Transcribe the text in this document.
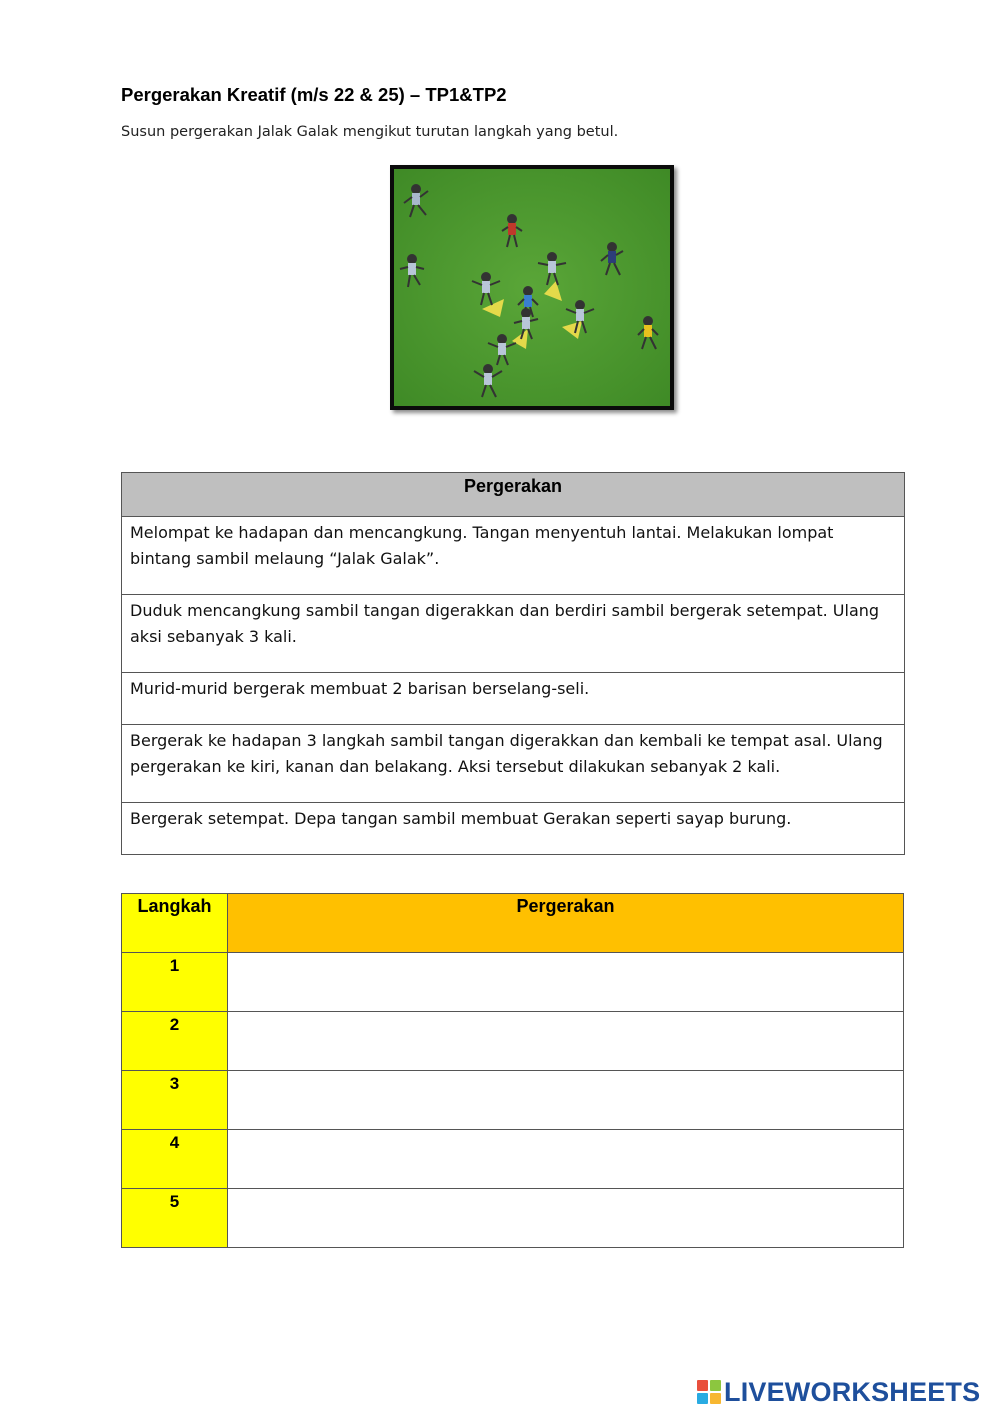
Pergerakan Kreatif (m/s 22 & 25) – TP1&TP2
Susun pergerakan Jalak Galak mengikut turutan langkah yang betul.
Pergerakan
Melompat ke hadapan dan mencangkung. Tangan menyentuh lantai. Melakukan lompat bintang sambil melaung “Jalak Galak”.
Duduk mencangkung sambil tangan digerakkan dan berdiri sambil bergerak setempat. Ulang aksi sebanyak 3 kali.
Murid-murid bergerak membuat 2 barisan berselang-seli.
Bergerak ke hadapan 3 langkah sambil tangan digerakkan dan kembali ke tempat asal. Ulang pergerakan ke kiri, kanan dan belakang. Aksi tersebut dilakukan sebanyak 2 kali.
Bergerak setempat. Depa tangan sambil membuat Gerakan seperti sayap burung.
Langkah	Pergerakan
1	
2	
3	
4	
5	
LIVEWORKSHEETS
